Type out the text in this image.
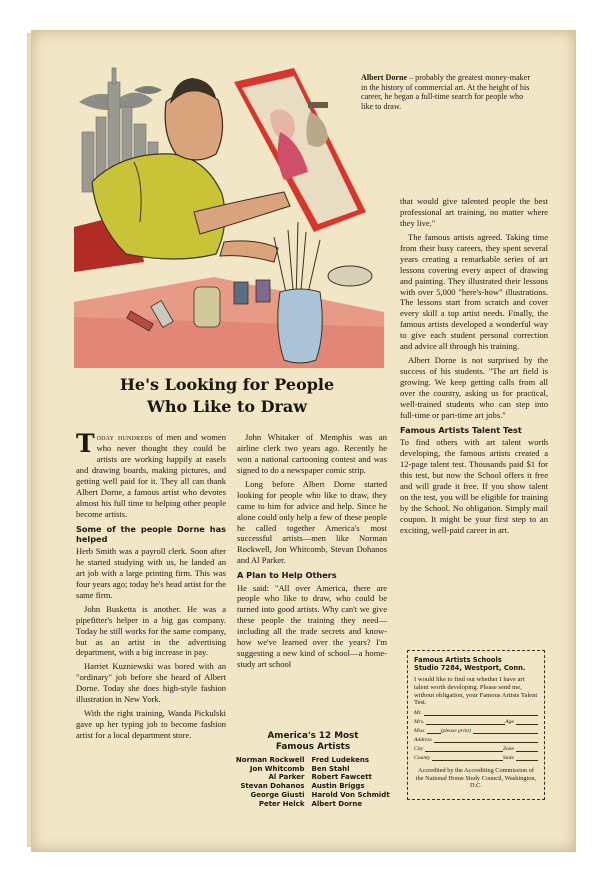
Albert Dorne – probably the greatest money-maker in the history of commercial art. At the height of his career, he began a full-time search for people who like to draw.
He's Looking for People
Who Like to Draw

Today hundreds of men and women who never thought they could be artists are working happily at easels and drawing boards, making pictures, and getting well paid for it. They all can thank Albert Dorne, a famous artist who devotes almost his full time to helping other people become artists.

Some of the people Dorne has helped

Herb Smith was a payroll clerk. Soon after he started studying with us, he landed an art job with a large printing firm. This was four years ago; today he's head artist for the same firm.

John Busketta is another. He was a pipefitter's helper in a big gas company. Today he still works for the same company, but as an artist in the advertising department, with a big increase in pay.

Harriet Kuzniewski was bored with an "ordinary" job before she heard of Albert Dorne. Today she does high-style fashion illustration in New York.

With the right training, Wanda Pickulski gave up her typing job to become fashion artist for a local department store.

John Whitaker of Memphis was an airline clerk two years ago. Recently he won a national cartooning contest and was signed to do a newspaper comic strip.

Long before Albert Dorne started looking for people who like to draw, they came to him for advice and help. Since he alone could only help a few of these people he called together America's most successful artists—men like Norman Rockwell, Jon Whitcomb, Stevan Dohanos and Al Parker.

A Plan to Help Others

He said: "All over America, there are people who like to draw, who could be turned into good artists. Why can't we give these people the training they need—including all the trade secrets and know-how we've learned over the years? I'm suggesting a new kind of school—a home-study art school

America's 12 Most
Famous Artists
Norman Rockwell	Fred Ludekens
Jon Whitcomb	Ben Stahl
Al Parker	Robert Fawcett
Stevan Dohanos	Austin Briggs
George Giusti	Harold Von Schmidt
Peter Helck	Albert Dorne

that would give talented people the best professional art training, no matter where they live."

The famous artists agreed. Taking time from their busy careers, they spent several years creating a remarkable series of art lessons covering every aspect of drawing and painting. They illustrated their lessons with over 5,000 "here's-how" illustrations. The lessons start from scratch and cover every skill a top artist needs. Finally, the famous artists developed a wonderful way to give each student personal correction and advice all through his training.

Albert Dorne is not surprised by the success of his students. "The art field is growing. We keep getting calls from all over the country, asking us for practical, well-trained students who can step into full-time or part-time art jobs."

Famous Artists Talent Test

To find others with art talent worth developing, the famous artists created a 12-page talent test. Thousands paid $1 for this test, but now the School offers it free and will grade it free. If you show talent on the test, you will be eligible for training by the School. No obligation. Simply mail coupon. It might be your first step to an exciting, well-paid career in art.

Famous Artists Schools
Studio 7284, Westport, Conn.
I would like to find out whether I have art talent worth developing. Please send me, without obligation, your Famous Artists Talent Test.
Mr.
Mrs.	Age
Miss	(please print)
Address
City	Zone
County	State
Accredited by the Accrediting Commission of the National Home Study Council, Washington, D.C.
